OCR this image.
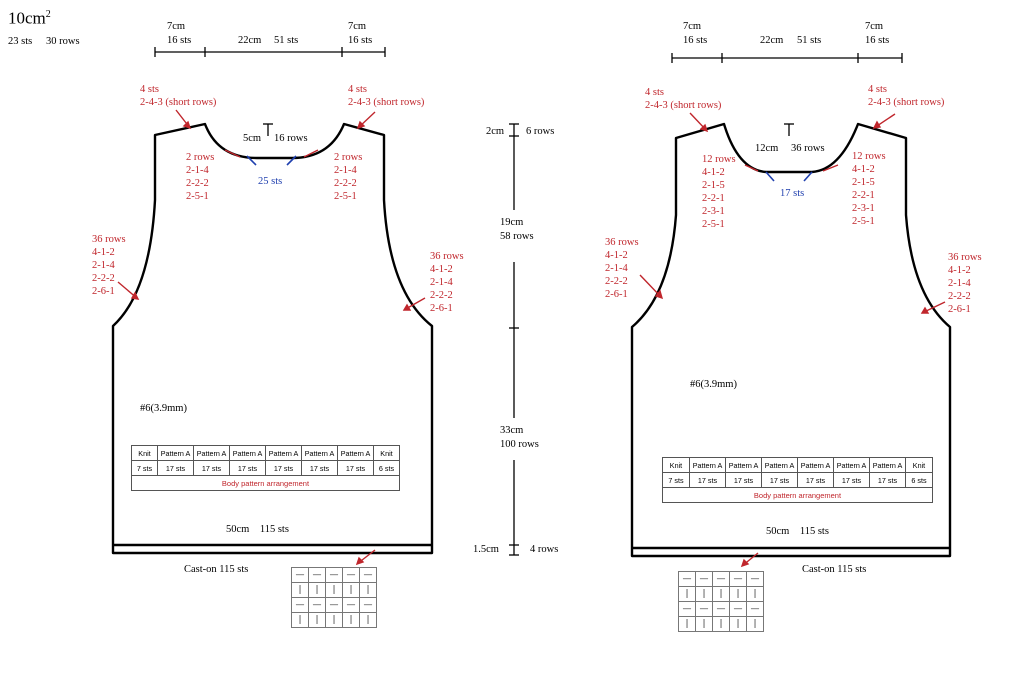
$10cm^2$
23 sts 30 rows
7cm
16 sts	22cm 51 sts
7cm
16 sts
4 sts
2-4-3 (short rows)
4 sts
2-4-3 (short rows)
5cm 16 rows
2 rows
2-1-4
2-2-2
2-5-1
2 rows
2-1-4
2-2-2
2-5-1
25 sts
36 rows
4-1-2
2-1-4
2-2-2
2-6-1
36 rows
4-1-2
2-1-4
2-2-2
2-6-1
#6(3.9mm)
Knit	Pattern A	Pattern A	Pattern A	Pattern A	Pattern A	Pattern A	Knit
7 sts	17 sts	17 sts	17 sts	17 sts	17 sts	17 sts	6 sts
Body pattern arrangement							
50cm    115 sts
Cast-on 115 sts	—	—	—	—	—
|	|	|	|	|
—	—	—	—	—
|	|	|	|	|
2cm 6 rows
19cm
58 rows
33cm
100 rows
1.5cm	4 rows
7cm
16 sts	22cm 51 sts
7cm
16 sts
4 sts
2-4-3 (short rows)
4 sts
2-4-3 (short rows)
12cm 36 rows
12 rows
4-1-2
2-1-5
2-2-1
2-3-1
2-5-1
12 rows
4-1-2
2-1-5
2-2-1
2-3-1
2-5-1
17 sts
36 rows
4-1-2
2-1-4
2-2-2
2-6-1
36 rows
4-1-2
2-1-4
2-2-2
2-6-1
#6(3.9mm)
Knit	Pattern A	Pattern A	Pattern A	Pattern A	Pattern A	Pattern A	Knit
7 sts	17 sts	17 sts	17 sts	17 sts	17 sts	17 sts	6 sts
Body pattern arrangement							
50cm    115 sts
Cast-on 115 sts
—	—	—	—	—
|	|	|	|	|
—	—	—	—	—
|	|	|	|	|
